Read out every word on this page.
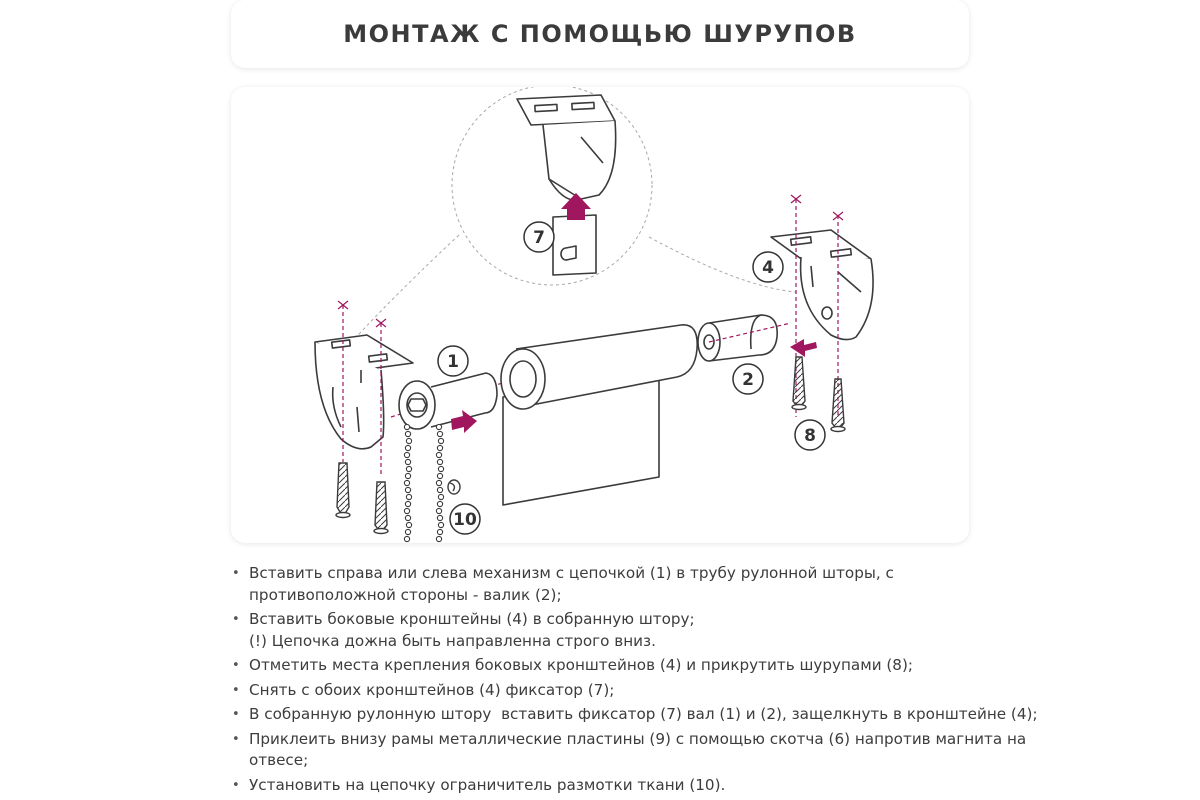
МОНТАЖ С ПОМОЩЬЮ ШУРУПОВ
1
2
4
7
8
10
• Вставить справа или слева механизм с цепочкой (1) в трубу рулонной шторы, с
противоположной стороны - валик (2);
• Вставить боковые кронштейны (4) в собранную штору;
(!) Цепочка дожна быть направленна строго вниз.
• Отметить места крепления боковых кронштейнов (4) и прикрутить шурупами (8);
• Снять с обоих кронштейнов (4) фиксатор (7);
• В собранную рулонную штору  вставить фиксатор (7) вал (1) и (2), защелкнуть в кронштейне (4);
• Приклеить внизу рамы металлические пластины (9) с помощью скотча (6) напротив магнита на
отвесе;
• Установить на цепочку ограничитель размотки ткани (10).
